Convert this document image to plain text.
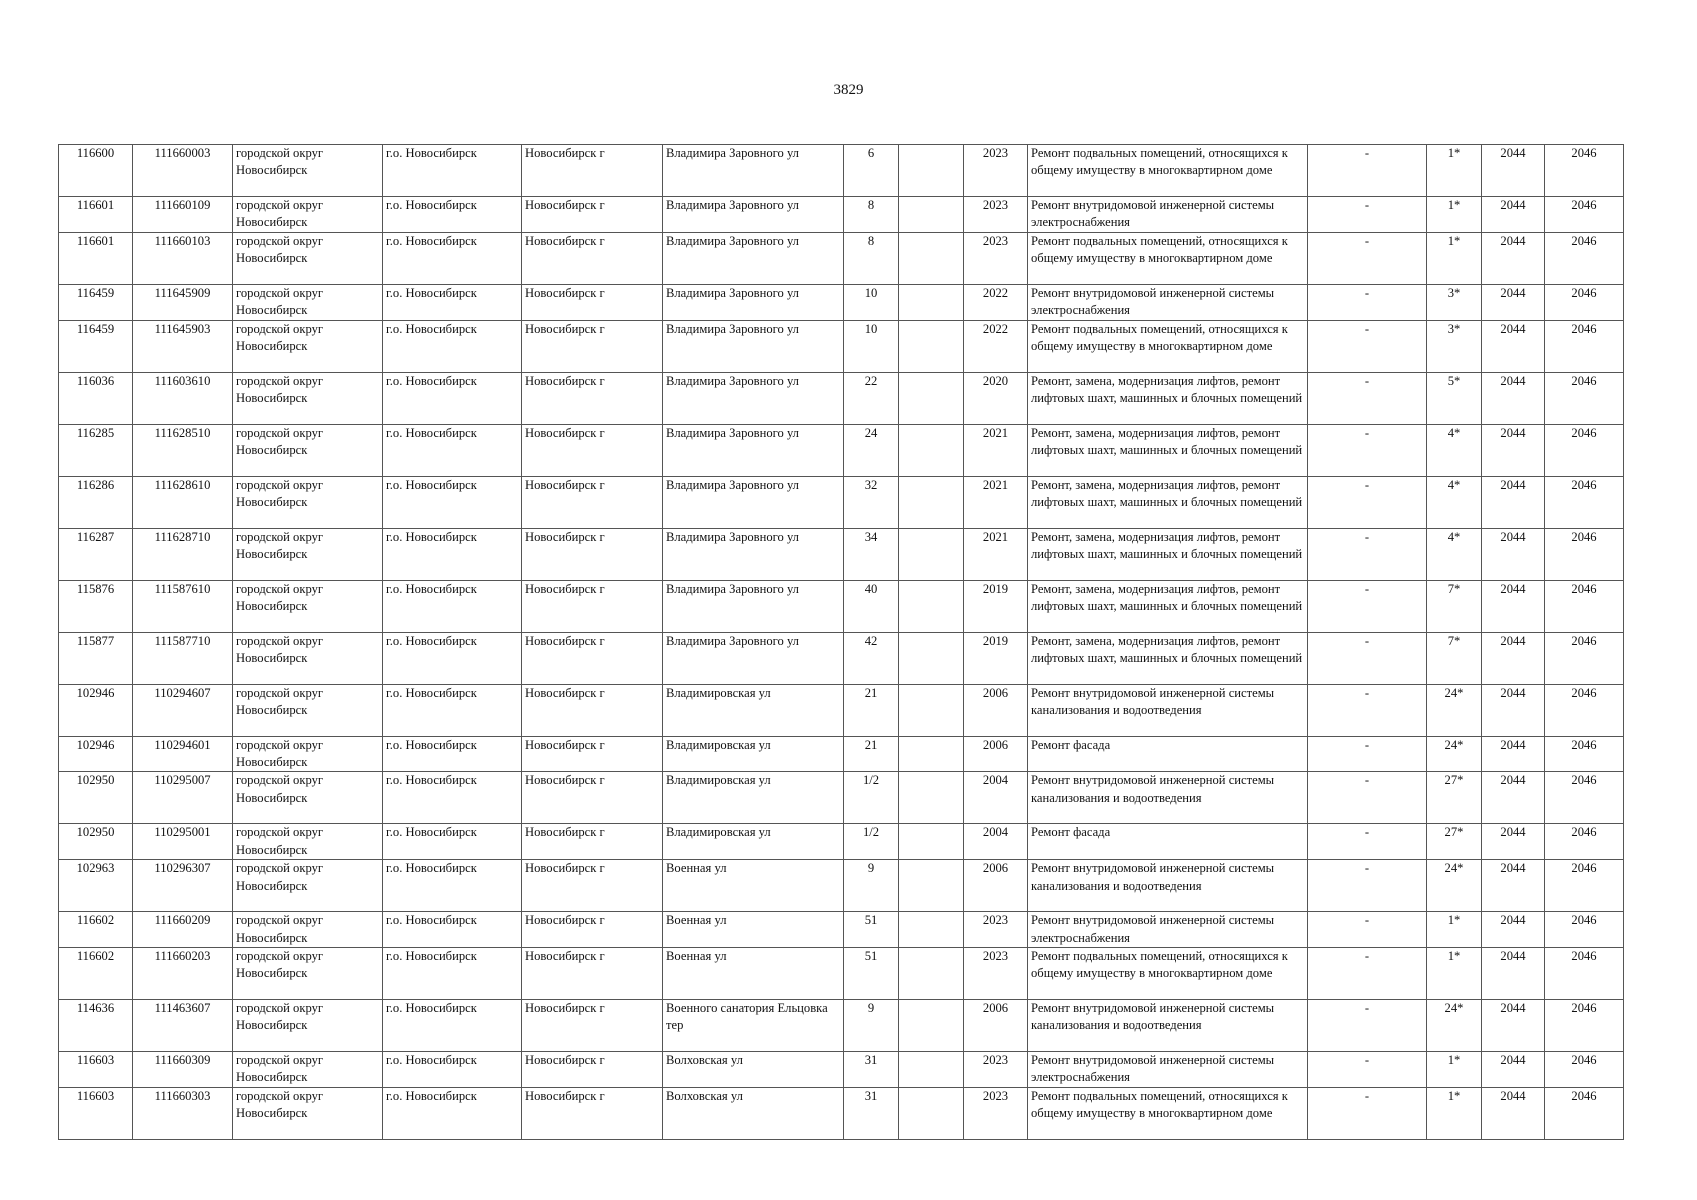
3829
116600	111660003	городской округ Новосибирск	г.о. Новосибирск	Новосибирск г	Владимира Заровного ул	6		2023	Ремонт подвальных помещений, относящихся к общему имуществу в многоквартирном доме	-	1*	2044	2046
116601	111660109	городской округ Новосибирск	г.о. Новосибирск	Новосибирск г	Владимира Заровного ул	8		2023	Ремонт внутридомовой инженерной системы электроснабжения	-	1*	2044	2046
116601	111660103	городской округ Новосибирск	г.о. Новосибирск	Новосибирск г	Владимира Заровного ул	8		2023	Ремонт подвальных помещений, относящихся к общему имуществу в многоквартирном доме	-	1*	2044	2046
116459	111645909	городской округ Новосибирск	г.о. Новосибирск	Новосибирск г	Владимира Заровного ул	10		2022	Ремонт внутридомовой инженерной системы электроснабжения	-	3*	2044	2046
116459	111645903	городской округ Новосибирск	г.о. Новосибирск	Новосибирск г	Владимира Заровного ул	10		2022	Ремонт подвальных помещений, относящихся к общему имуществу в многоквартирном доме	-	3*	2044	2046
116036	111603610	городской округ Новосибирск	г.о. Новосибирск	Новосибирск г	Владимира Заровного ул	22		2020	Ремонт, замена, модернизация лифтов, ремонт лифтовых шахт, машинных и блочных помещений	-	5*	2044	2046
116285	111628510	городской округ Новосибирск	г.о. Новосибирск	Новосибирск г	Владимира Заровного ул	24		2021	Ремонт, замена, модернизация лифтов, ремонт лифтовых шахт, машинных и блочных помещений	-	4*	2044	2046
116286	111628610	городской округ Новосибирск	г.о. Новосибирск	Новосибирск г	Владимира Заровного ул	32		2021	Ремонт, замена, модернизация лифтов, ремонт лифтовых шахт, машинных и блочных помещений	-	4*	2044	2046
116287	111628710	городской округ Новосибирск	г.о. Новосибирск	Новосибирск г	Владимира Заровного ул	34		2021	Ремонт, замена, модернизация лифтов, ремонт лифтовых шахт, машинных и блочных помещений	-	4*	2044	2046
115876	111587610	городской округ Новосибирск	г.о. Новосибирск	Новосибирск г	Владимира Заровного ул	40		2019	Ремонт, замена, модернизация лифтов, ремонт лифтовых шахт, машинных и блочных помещений	-	7*	2044	2046
115877	111587710	городской округ Новосибирск	г.о. Новосибирск	Новосибирск г	Владимира Заровного ул	42		2019	Ремонт, замена, модернизация лифтов, ремонт лифтовых шахт, машинных и блочных помещений	-	7*	2044	2046
102946	110294607	городской округ Новосибирск	г.о. Новосибирск	Новосибирск г	Владимировская ул	21		2006	Ремонт внутридомовой инженерной системы канализования и водоотведения	-	24*	2044	2046
102946	110294601	городской округ Новосибирск	г.о. Новосибирск	Новосибирск г	Владимировская ул	21		2006	Ремонт фасада	-	24*	2044	2046
102950	110295007	городской округ Новосибирск	г.о. Новосибирск	Новосибирск г	Владимировская ул	1/2		2004	Ремонт внутридомовой инженерной системы канализования и водоотведения	-	27*	2044	2046
102950	110295001	городской округ Новосибирск	г.о. Новосибирск	Новосибирск г	Владимировская ул	1/2		2004	Ремонт фасада	-	27*	2044	2046
102963	110296307	городской округ Новосибирск	г.о. Новосибирск	Новосибирск г	Военная ул	9		2006	Ремонт внутридомовой инженерной системы канализования и водоотведения	-	24*	2044	2046
116602	111660209	городской округ Новосибирск	г.о. Новосибирск	Новосибирск г	Военная ул	51		2023	Ремонт внутридомовой инженерной системы электроснабжения	-	1*	2044	2046
116602	111660203	городской округ Новосибирск	г.о. Новосибирск	Новосибирск г	Военная ул	51		2023	Ремонт подвальных помещений, относящихся к общему имуществу в многоквартирном доме	-	1*	2044	2046
114636	111463607	городской округ Новосибирск	г.о. Новосибирск	Новосибирск г	Военного санатория Ельцовка тер	9		2006	Ремонт внутридомовой инженерной системы канализования и водоотведения	-	24*	2044	2046
116603	111660309	городской округ Новосибирск	г.о. Новосибирск	Новосибирск г	Волховская ул	31		2023	Ремонт внутридомовой инженерной системы электроснабжения	-	1*	2044	2046
116603	111660303	городской округ Новосибирск	г.о. Новосибирск	Новосибирск г	Волховская ул	31		2023	Ремонт подвальных помещений, относящихся к общему имуществу в многоквартирном доме	-	1*	2044	2046
